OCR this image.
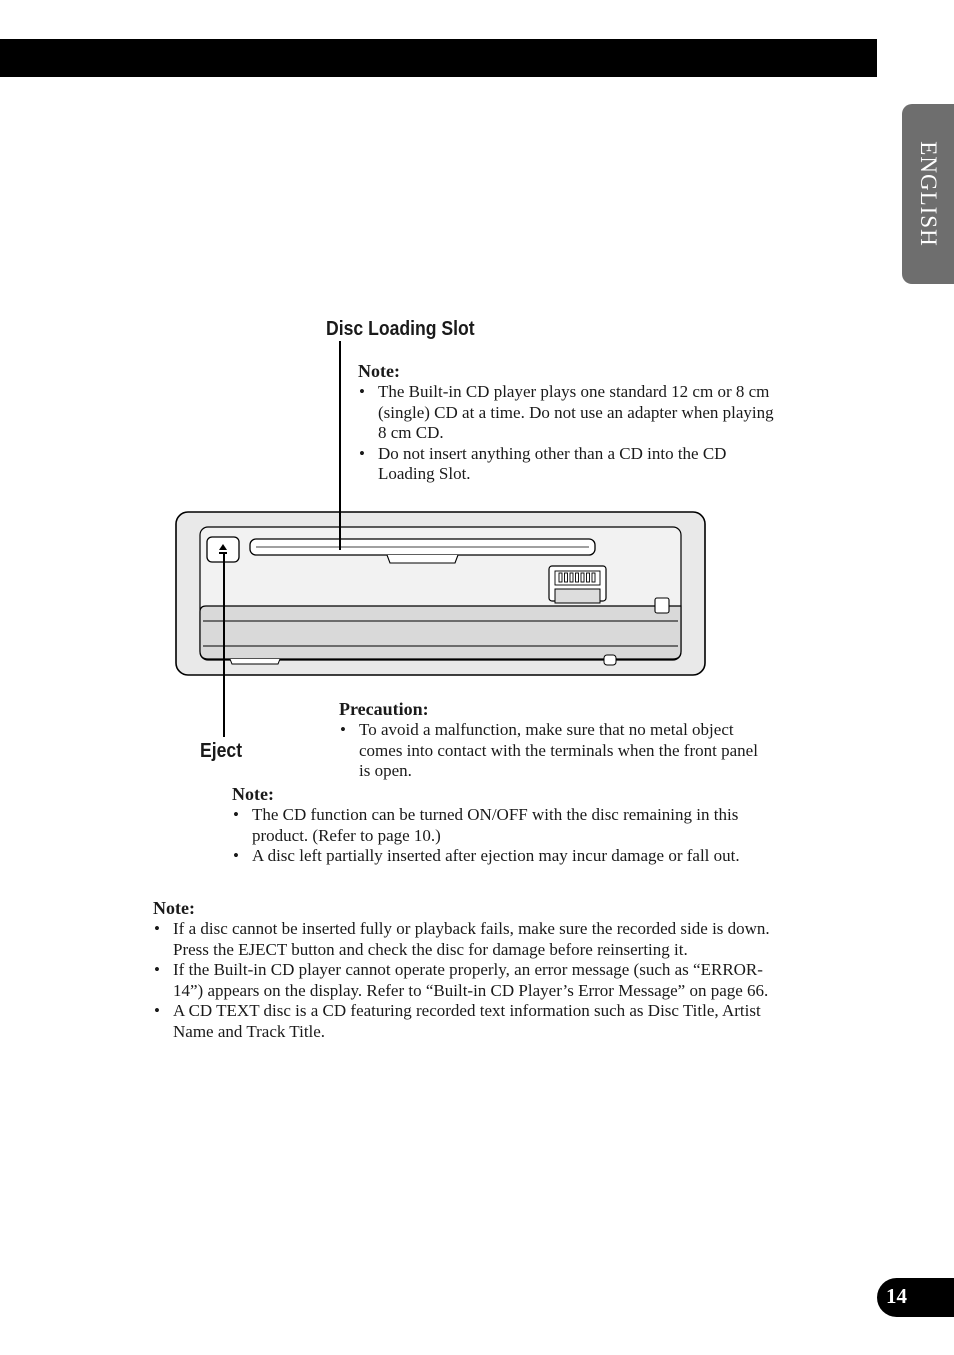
ENGLISH
Disc Loading Slot
Eject
Note:
• The Built-in CD player plays one standard 12 cm or 8 cm (single) CD at a time. Do not use an adapter when playing 8 cm CD.
• Do not insert anything other than a CD into the CD Loading Slot.
Precaution:
• To avoid a malfunction, make sure that no metal object comes into contact with the terminals when the front panel is open.
Note:
• The CD function can be turned ON/OFF with the disc remaining in this product. (Refer to page 10.)
• A disc left partially inserted after ejection may incur damage or fall out.
Note:
• If a disc cannot be inserted fully or playback fails, make sure the recorded side is down. Press the EJECT button and check the disc for damage before reinserting it.
• If the Built-in CD player cannot operate properly, an error message (such as “ERROR-14”) appears on the display. Refer to “Built-in CD Player’s Error Message” on page 66.
• A CD TEXT disc is a CD featuring recorded text information such as Disc Title, Artist Name and Track Title.
14
